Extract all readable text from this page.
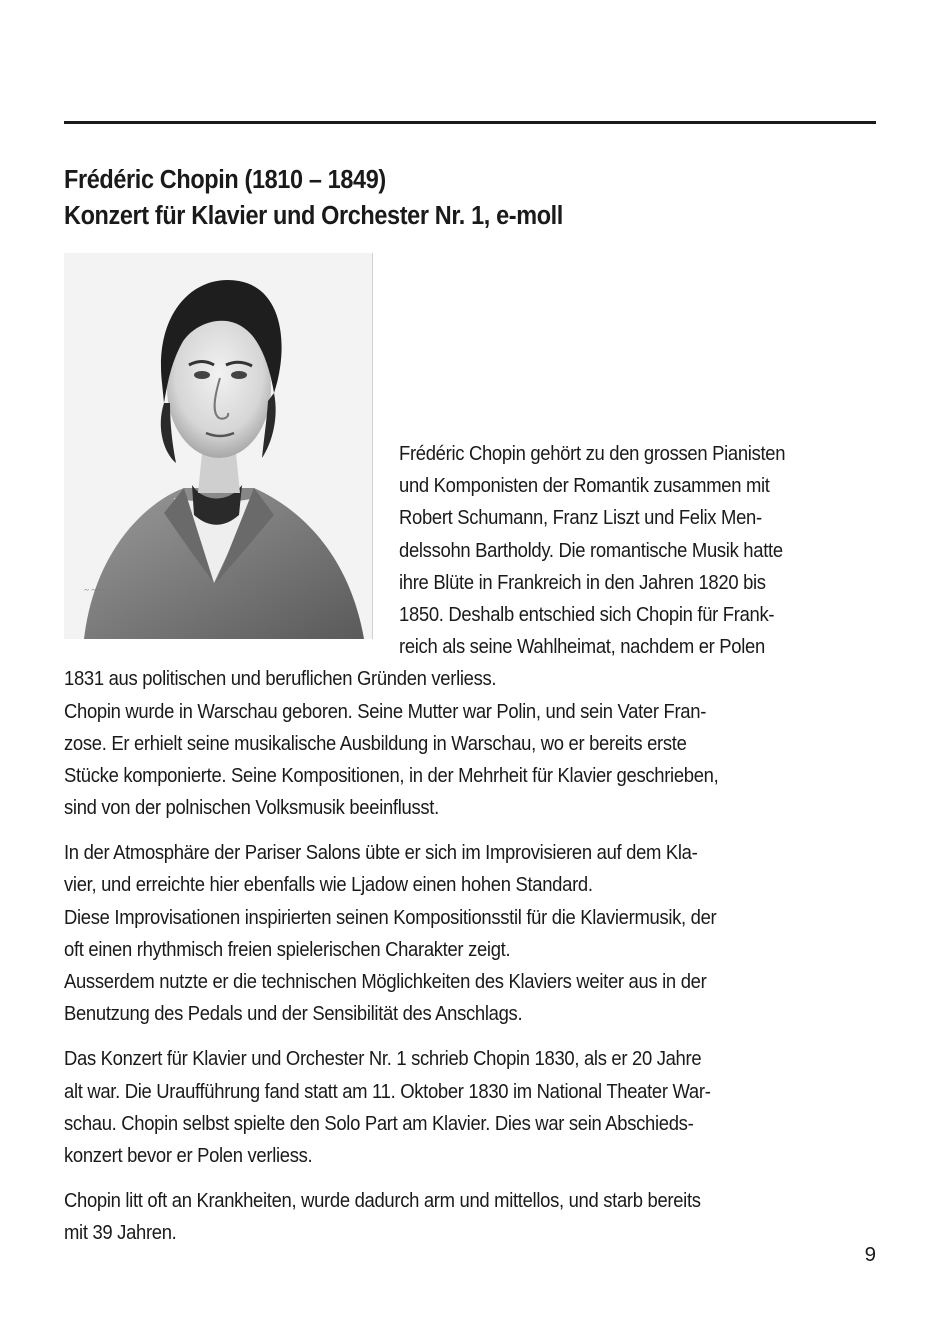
Frédéric Chopin (1810 – 1849)
Konzert für Klavier und Orchester Nr. 1, e-moll
~ ~~~
Frédéric Chopin gehört zu den grossen Pianisten
und Komponisten der Romantik zusammen mit
Robert Schumann, Franz Liszt und Felix Men-
delssohn Bartholdy. Die romantische Musik hatte
ihre Blüte in Frankreich in den Jahren 1820 bis
1850. Deshalb entschied sich Chopin für Frank-
reich als seine Wahlheimat, nachdem er Polen
1831 aus politischen und beruflichen Gründen verliess.
Chopin wurde in Warschau geboren. Seine Mutter war Polin, und sein Vater Fran-
zose. Er erhielt seine musikalische Ausbildung in Warschau, wo er bereits erste
Stücke komponierte. Seine Kompositionen, in der Mehrheit für Klavier geschrieben,
sind von der polnischen Volksmusik beeinflusst.
In der Atmosphäre der Pariser Salons übte er sich im Improvisieren auf dem Kla-
vier, und erreichte hier ebenfalls wie Ljadow einen hohen Standard.
Diese Improvisationen inspirierten seinen Kompositionsstil für die Klaviermusik, der
oft einen rhythmisch freien spielerischen Charakter zeigt.
Ausserdem nutzte er die technischen Möglichkeiten des Klaviers weiter aus in der
Benutzung des Pedals und der Sensibilität des Anschlags.
Das Konzert für Klavier und Orchester Nr. 1 schrieb Chopin 1830, als er 20 Jahre
alt war. Die Uraufführung fand statt am 11. Oktober 1830 im National Theater War-
schau. Chopin selbst spielte den Solo Part am Klavier. Dies war sein Abschieds-
konzert bevor er Polen verliess.
Chopin litt oft an Krankheiten, wurde dadurch arm und mittellos, und starb bereits
mit 39 Jahren.
9
